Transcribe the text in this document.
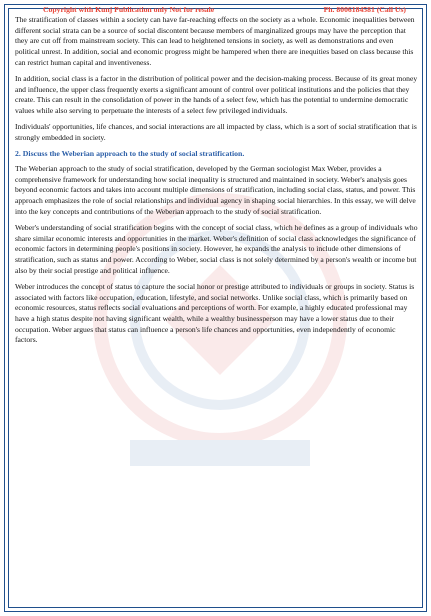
Copyright with Kunj Publication only Not for resale	Ph. 8006184581 (Call Us)

The stratification of classes within a society can have far-reaching effects on the society as a whole. Economic inequalities between different social strata can be a source of social discontent because members of marginalized groups may have the perception that they are cut off from mainstream society. This can lead to heightened tensions in society, as well as demonstrations and even political unrest. In addition, social and economic progress might be hampered when there are inequities based on class because this can restrict human capital and inventiveness.

In addition, social class is a factor in the distribution of political power and the decision-making process. Because of its great money and influence, the upper class frequently exerts a significant amount of control over political institutions and the policies that they create. This can result in the consolidation of power in the hands of a select few, which has the potential to undermine democratic values while also serving to perpetuate the interests of a select few privileged individuals.

Individuals' opportunities, life chances, and social interactions are all impacted by class, which is a sort of social stratification that is strongly embedded in society.

2. Discuss the Weberian approach to the study of social stratification.

The Weberian approach to the study of social stratification, developed by the German sociologist Max Weber, provides a comprehensive framework for understanding how social inequality is structured and maintained in society. Weber's analysis goes beyond economic factors and takes into account multiple dimensions of stratification, including social class, status, and power. This approach emphasizes the role of social relationships and individual agency in shaping social hierarchies. In this essay, we will delve into the key concepts and contributions of the Weberian approach to the study of social stratification.

Weber's understanding of social stratification begins with the concept of social class, which he defines as a group of individuals who share similar economic interests and opportunities in the market. Weber's definition of social class acknowledges the significance of economic factors in determining people's positions in society. However, he expands the analysis to include other dimensions of stratification, such as status and power. According to Weber, social class is not solely determined by a person's wealth or income but also by their social prestige and political influence.

Weber introduces the concept of status to capture the social honor or prestige attributed to individuals or groups in society. Status is associated with factors like occupation, education, lifestyle, and social networks. Unlike social class, which is primarily based on economic resources, status reflects social evaluations and perceptions of worth. For example, a highly educated professional may have a high status despite not having significant wealth, while a wealthy businessperson may have a lower status due to their occupation. Weber argues that status can influence a person's life chances and opportunities, even independently of economic factors.
